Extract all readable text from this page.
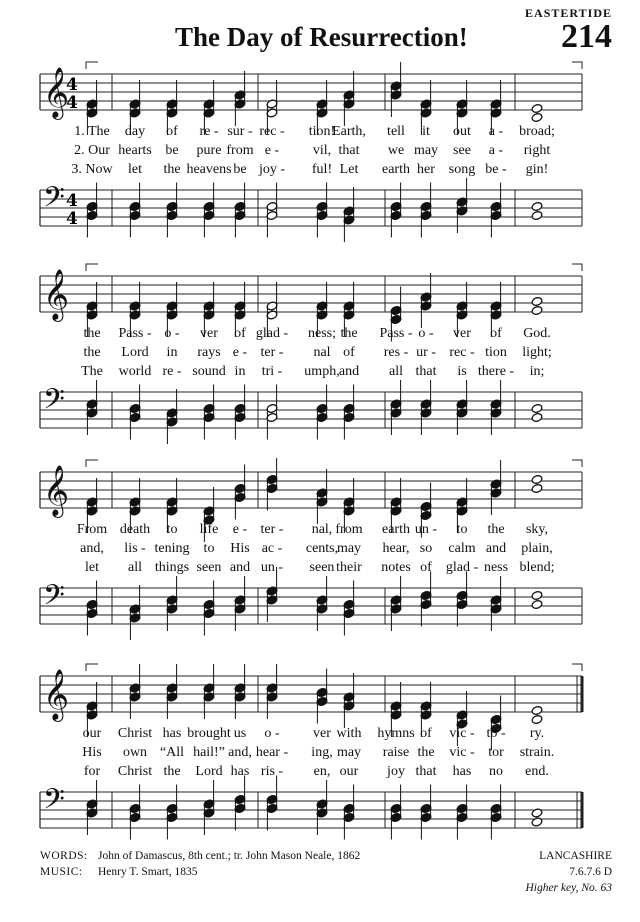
EASTERTIDE
The Day of Resurrection!	214
𝄞
4
4
𝄢 4
4
1. The day of re - sur - rec - tion!
Earth, tell it out a - broad;
2. Our hearts be pure from e - vil, that we may see a - right
3. Now let the heavens be joy - ful! Let earth her song be - gin!
𝄞
𝄢
the Pass - o - ver of glad - ness; the Pass - o - ver of God.
the Lord in rays e - ter - nal of res - ur - rec - tion light;
The world re - sound in tri - umph, and all that is there - in;
𝄞
𝄢
From death to life e - ter - nal, from earth un - to the sky,
and, lis - tening to His ac - cents,
may hear, so calm and plain,
let all things seen and un - seen their notes of glad - ness blend;
𝄞
𝄢
our Christ has brought us o - ver with hymns of vic - to - ry.
His own “All hail!” and, hear - ing, may raise the vic - tor strain.
for Christ the Lord has ris - en, our joy that has no end.
WORDS: John of Damascus, 8th cent.; tr. John Mason Neale, 1862
MUSIC: Henry T. Smart, 1835
LANCASHIRE
7.6.7.6 D
Higher key, No. 63
